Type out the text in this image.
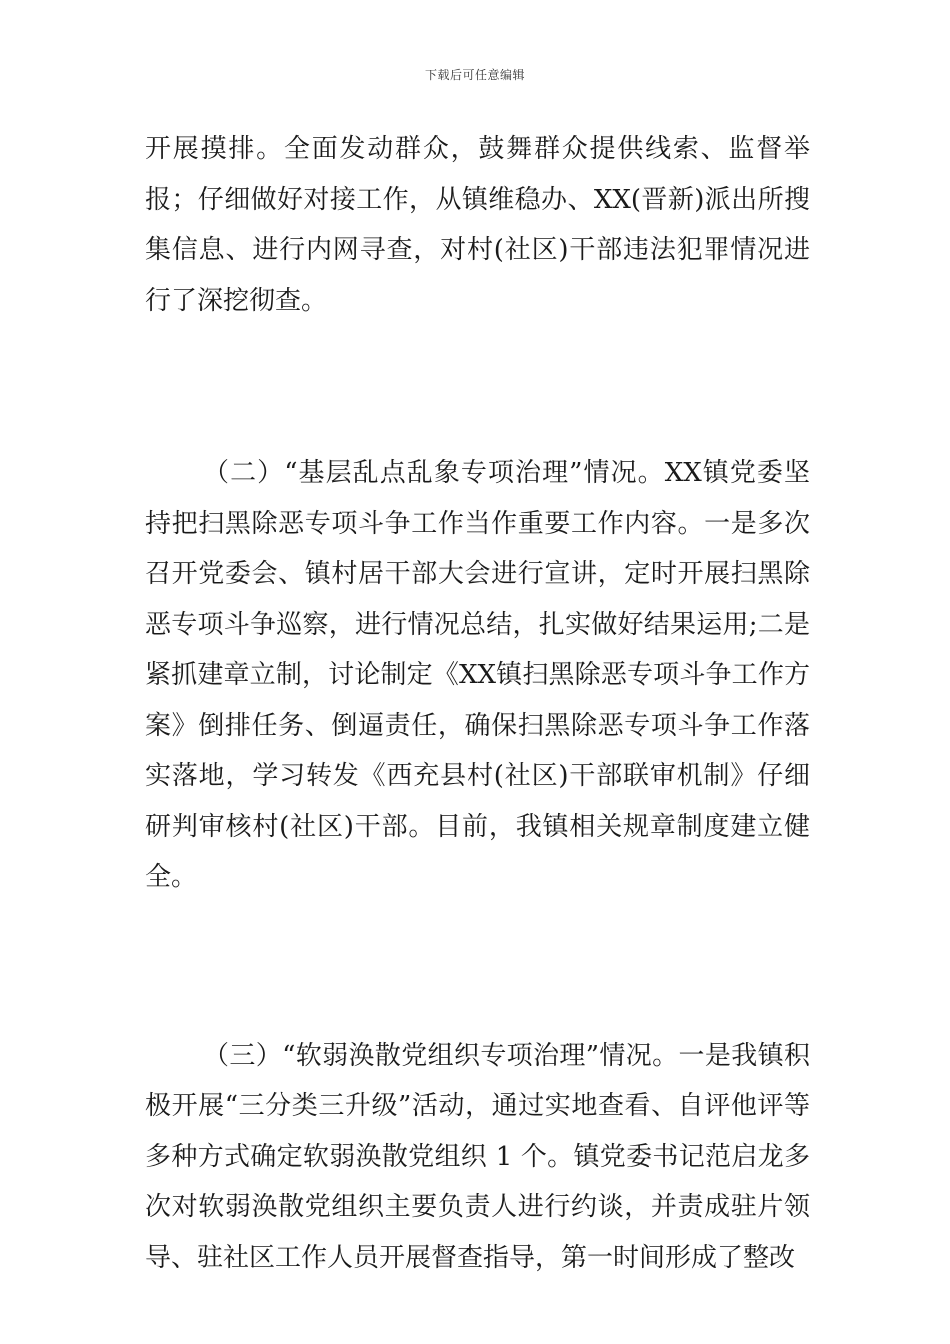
下载后可任意编辑

开展摸排。全面发动群众，鼓舞群众提供线索、监督举报；仔细做好对接工作，从镇维稳办、XX(晋新)派出所搜集信息、进行内网寻查，对村(社区)干部违法犯罪情况进行了深挖彻查。

（二）“基层乱点乱象专项治理”情况。XX镇党委坚持把扫黑除恶专项斗争工作当作重要工作内容。一是多次召开党委会、镇村居干部大会进行宣讲，定时开展扫黑除恶专项斗争巡察，进行情况总结，扎实做好结果运用;二是紧抓建章立制，讨论制定《XX镇扫黑除恶专项斗争工作方案》倒排任务、倒逼责任，确保扫黑除恶专项斗争工作落实落地，学习转发《西充县村(社区)干部联审机制》仔细研判审核村(社区)干部。目前，我镇相关规章制度建立健全。

（三）“软弱涣散党组织专项治理”情况。一是我镇积极开展“三分类三升级”活动，通过实地查看、自评他评等多种方式确定软弱涣散党组织 1 个。镇党委书记范启龙多次对软弱涣散党组织主要负责人进行约谈，并责成驻片领导、驻社区工作人员开展督查指导，第一时间形成了整改
